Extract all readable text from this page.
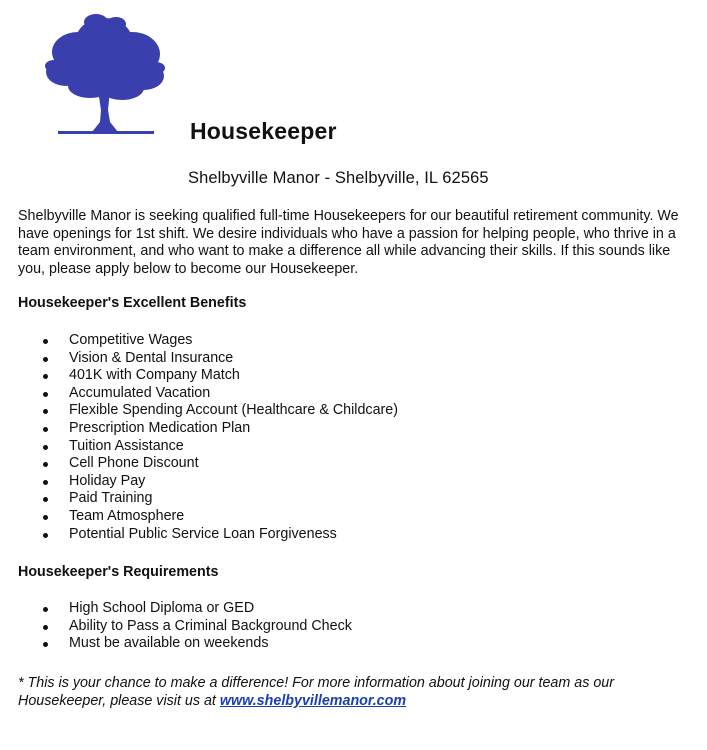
Housekeeper
Shelbyville Manor - Shelbyville, IL 62565

Shelbyville Manor is seeking qualified full-time Housekeepers for our beautiful retirement community. We have openings for 1st shift. We desire individuals who have a passion for helping people, who thrive in a team environment, and who want to make a difference all while advancing their skills. If this sounds like you, please apply below to become our Housekeeper.

Housekeeper's Excellent Benefits
Competitive Wages
Vision & Dental Insurance
401K with Company Match
Accumulated Vacation
Flexible Spending Account (Healthcare & Childcare)
Prescription Medication Plan
Tuition Assistance
Cell Phone Discount
Holiday Pay
Paid Training
Team Atmosphere
Potential Public Service Loan Forgiveness
Housekeeper's Requirements
High School Diploma or GED
Ability to Pass a Criminal Background Check
Must be available on weekends

* This is your chance to make a difference! For more information about joining our team as our Housekeeper, please visit us at www.shelbyvillemanor.com
